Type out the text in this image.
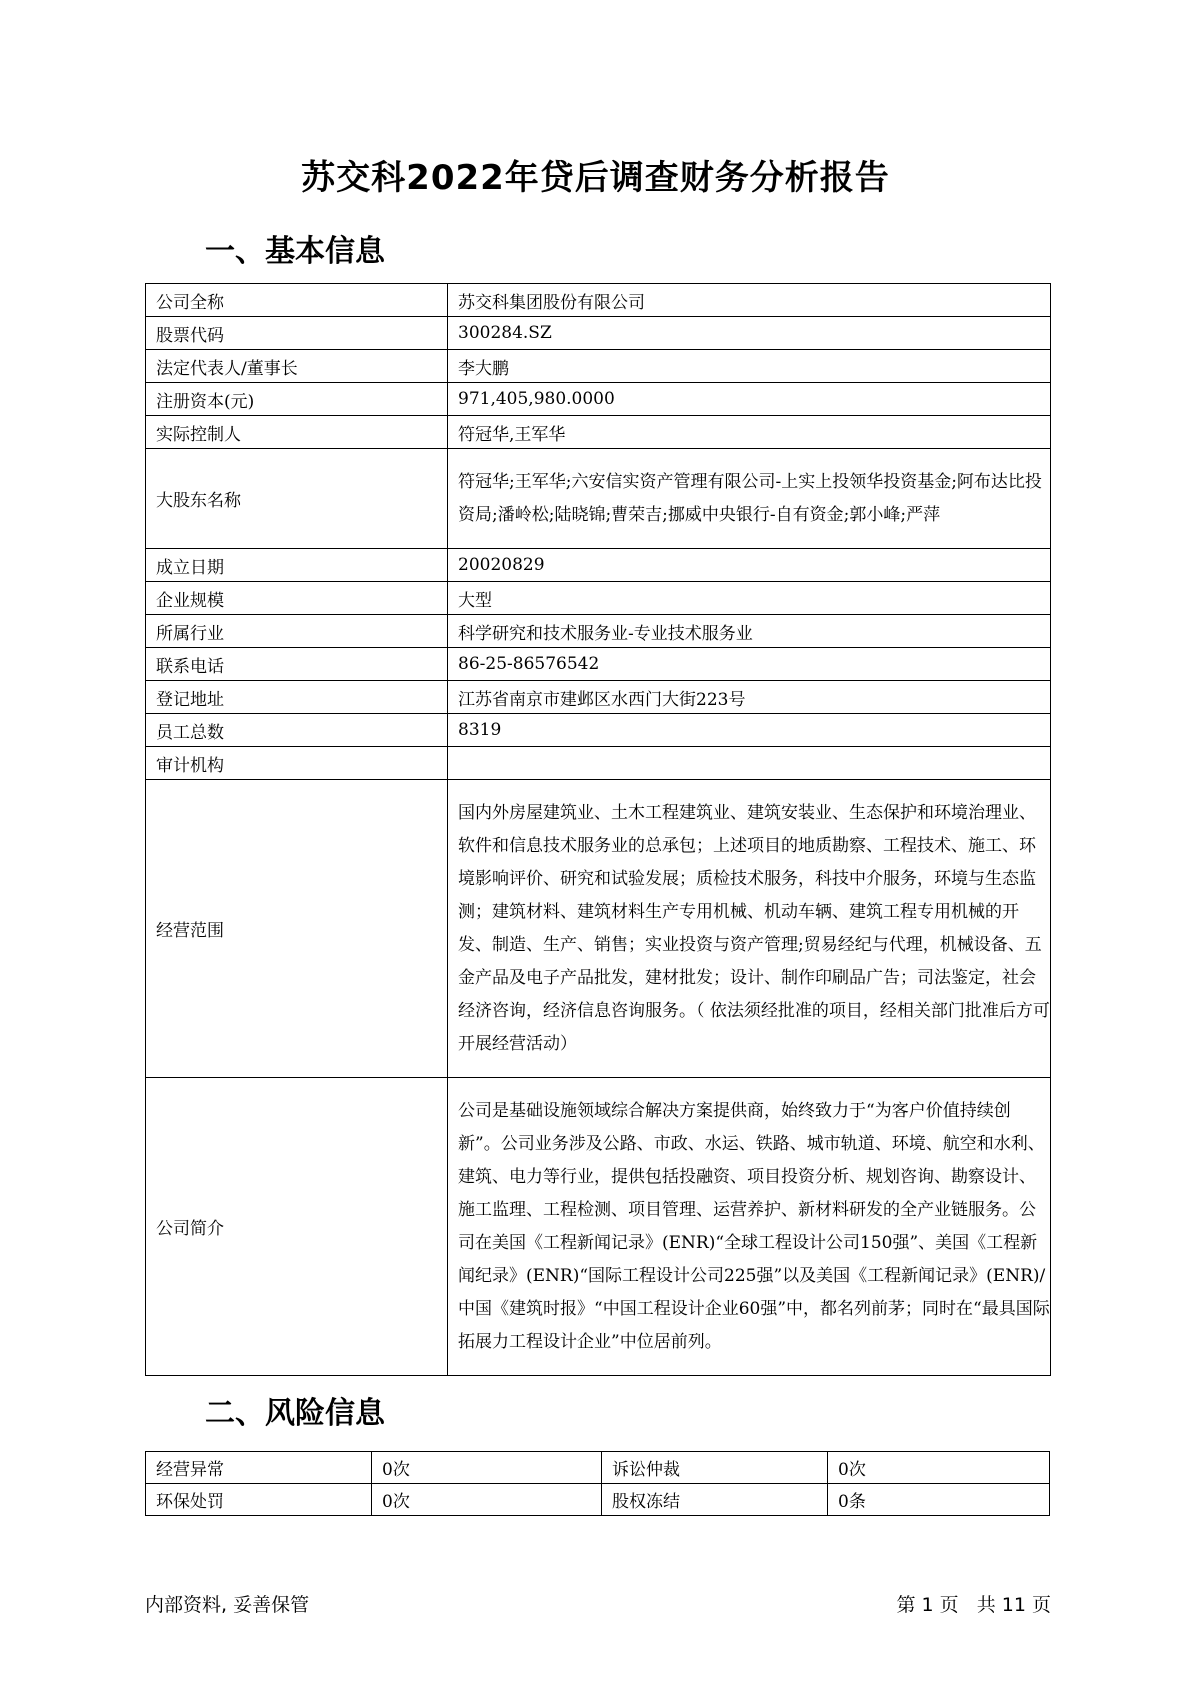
苏交科2022年贷后调查财务分析报告
一、基本信息
公司全称	苏交科集团股份有限公司
股票代码	300284.SZ
法定代表人/董事长	李大鹏
注册资本(元)	971,405,980.0000
实际控制人	符冠华,王军华
大股东名称	符冠华;王军华;六安信实资产管理有限公司-上实上投领华投资基金;阿布达比投资局;潘岭松;陆晓锦;曹荣吉;挪威中央银行-自有资金;郭小峰;严萍
成立日期	20020829
企业规模	大型
所属行业	科学研究和技术服务业-专业技术服务业
联系电话	86-25-86576542
登记地址	江苏省南京市建邺区水西门大街223号
员工总数	8319
审计机构	
经营范围	国内外房屋建筑业、土木工程建筑业、建筑安装业、生态保护和环境治理业、软件和信息技术服务业的总承包；上述项目的地质勘察、工程技术、施工、环境影响评价、研究和试验发展；质检技术服务，科技中介服务，环境与生态监测；建筑材料、建筑材料生产专用机械、机动车辆、建筑工程专用机械的开发、制造、生产、销售；实业投资与资产管理;贸易经纪与代理，机械设备、五金产品及电子产品批发，建材批发；设计、制作印刷品广告；司法鉴定，社会经济咨询，经济信息咨询服务。（ 依法须经批准的项目，经相关部门批准后方可开展经营活动）
公司简介	公司是基础设施领域综合解决方案提供商，始终致力于“为客户价值持续创新”。公司业务涉及公路、市政、水运、铁路、城市轨道、环境、航空和水利、建筑、电力等行业，提供包括投融资、项目投资分析、规划咨询、勘察设计、施工监理、工程检测、项目管理、运营养护、新材料研发的全产业链服务。公司在美国《工程新闻记录》(ENR)“全球工程设计公司150强”、美国《工程新闻纪录》(ENR)“国际工程设计公司225强”以及美国《工程新闻记录》(ENR)/中国《建筑时报》“中国工程设计企业60强”中，都名列前茅；同时在“最具国际拓展力工程设计企业”中位居前列。
二、风险信息
经营异常	0次	诉讼仲裁	0次
环保处罚	0次	股权冻结	0条
内部资料, 妥善保管	第 1 页   共 11 页
